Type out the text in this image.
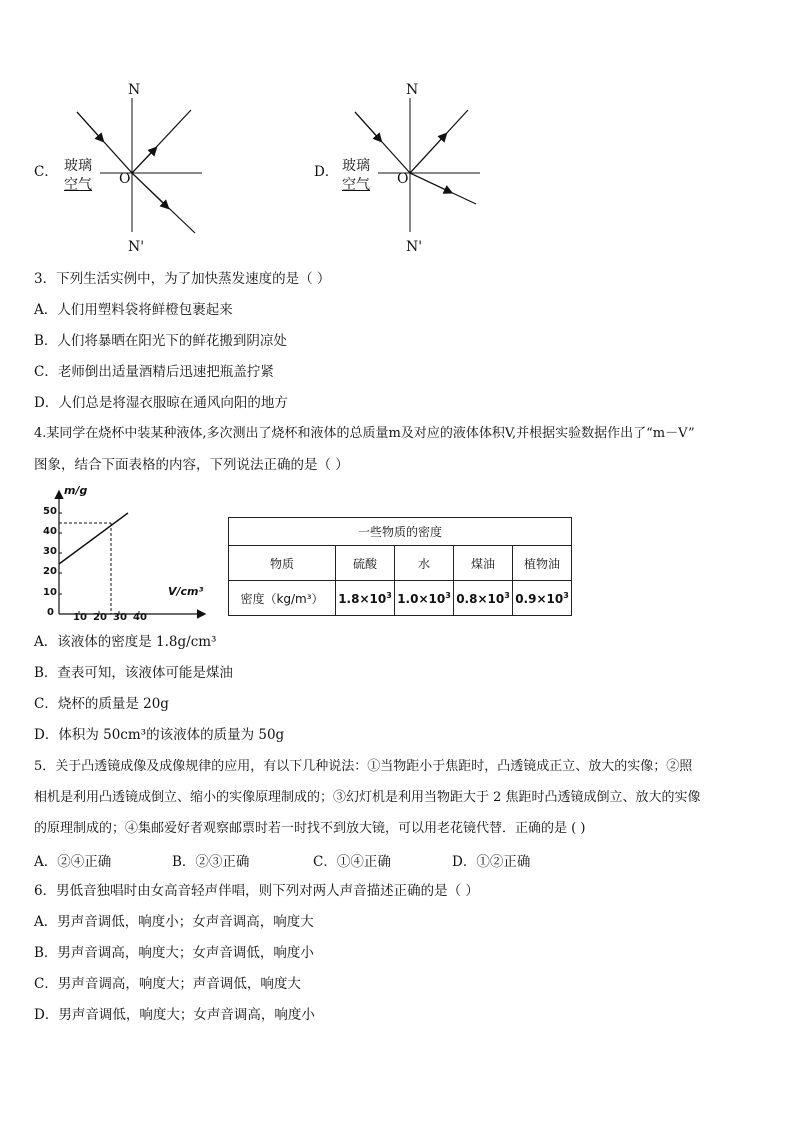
C．
N
玻璃
空气 O
N'
D．
N
玻璃
空气 O
N'
3．下列生活实例中，为了加快蒸发速度的是（ ）
A．人们用塑料袋将鲜橙包裹起来
B．人们将暴晒在阳光下的鲜花搬到阴凉处
C．老师倒出适量酒精后迅速把瓶盖拧紧
D．人们总是将湿衣服晾在通风向阳的地方
4.某同学在烧杯中装某种液体,多次测出了烧杯和液体的总质量m及对应的液体体积V,并根据实验数据作出了“m－V”
图象，结合下面表格的内容，下列说法正确的是（ ）
m/g
V/cm³
50
40
30
20
10
0 10 20 30 40
一些物质的密度				
物质	硫酸	水	煤油	植物油
密度（kg/m³）	$1.8\times 10^3$	$1.0\times 10^3$	$0.8\times 10^3$	$0.9\times 10^3$
A．该液体的密度是 1.8g/cm³
B．查表可知，该液体可能是煤油
C．烧杯的质量是 20g
D．体积为 50cm³的该液体的质量为 50g
5．关于凸透镜成像及成像规律的应用，有以下几种说法：①当物距小于焦距时，凸透镜成正立、放大的实像；②照
相机是利用凸透镜成倒立、缩小的实像原理制成的；③幻灯机是利用当物距大于 2 焦距时凸透镜成倒立、放大的实像
的原理制成的；④集邮爱好者观察邮票时若一时找不到放大镜，可以用老花镜代替．正确的是 ( )
A．②④正确	B．②③正确	C．①④正确	D．①②正确
6．男低音独唱时由女高音轻声伴唱，则下列对两人声音描述正确的是（ ）
A．男声音调低，响度小；女声音调高，响度大
B．男声音调高，响度大；女声音调低，响度小
C．男声音调高，响度大；声音调低，响度大
D．男声音调低，响度大；女声音调高，响度小
